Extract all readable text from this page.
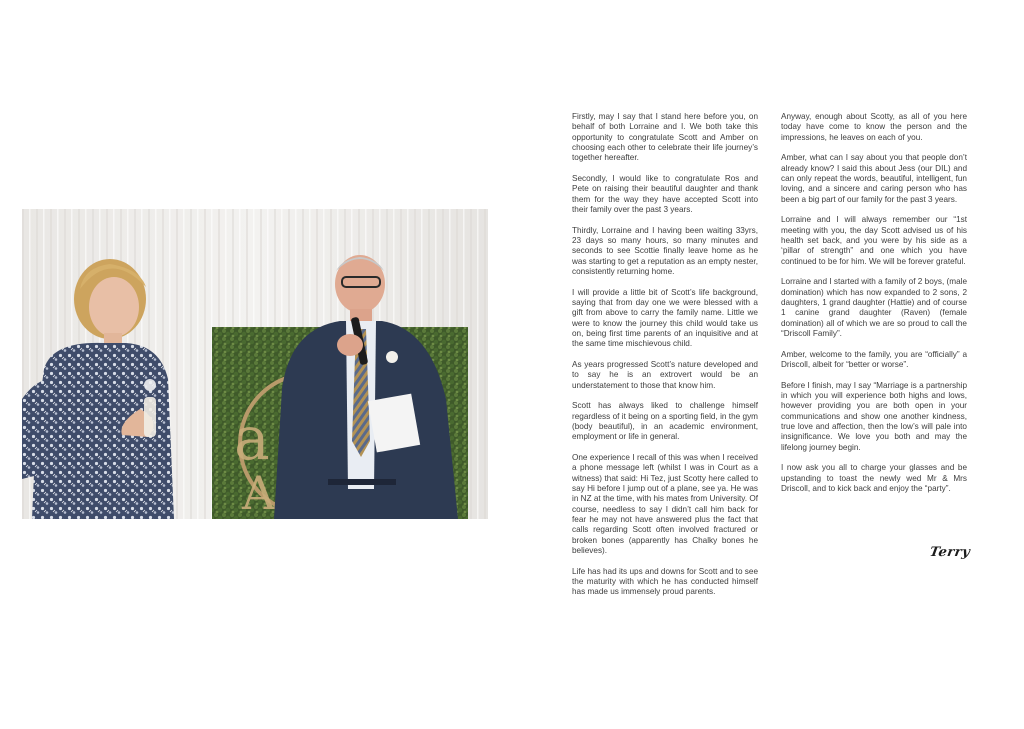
a
A

Firstly, may I say that I stand here before you, on behalf of both Lorraine and I. We both take this opportunity to congratulate Scott and Amber on choosing each other to celebrate their life journey’s together hereafter.

Secondly, I would like to congratulate Ros and Pete on raising their beautiful daughter and thank them for the way they have accepted Scott into their family over the past 3 years.

Thirdly, Lorraine and I having been waiting 33yrs, 23 days so many hours, so many minutes and seconds to see Scottie finally leave home as he was starting to get a reputation as an empty nester, consistently returning home.

I will provide a little bit of Scott’s life background, saying that from day one we were blessed with a gift from above to carry the family name. Little we were to know the journey this child would take us on, being first time parents of an inquisitive and at the same time mischievous child.

As years progressed Scott’s nature developed and to say he is an extrovert would be an understatement to those that know him.

Scott has always liked to challenge himself regardless of it being on a sporting field, in the gym (body beautiful), in an academic environment, employment or life in general.

One experience I recall of this was when I received a phone message left (whilst I was in Court as a witness) that said: Hi Tez, just Scotty here called to say Hi before I jump out of a plane, see ya. He was in NZ at the time, with his mates from University. Of course, needless to say I didn’t call him back for fear he may not have answered plus the fact that calls regarding Scott often involved fractured or broken bones (apparently has Chalky bones he believes).

Life has had its ups and downs for Scott and to see the maturity with which he has conducted himself has made us immensely proud parents.

Anyway, enough about Scotty, as all of you here today have come to know the person and the impressions, he leaves on each of you.

Amber, what can I say about you that people don’t already know? I said this about Jess (our DIL) and can only repeat the words, beautiful, intelligent, fun loving, and a sincere and caring person who has been a big part of our family for the past 3 years.

Lorraine and I will always remember our “1st meeting with you, the day Scott advised us of his health set back, and you were by his side as a ‘pillar of strength” and one which you have continued to be for him. We will be forever grateful.

Lorraine and I started with a family of 2 boys, (male domination) which has now expanded to 2 sons, 2 daughters, 1 grand daughter (Hattie) and of course 1 canine grand daughter (Raven) (female domination) all of which we are so proud to call the “Driscoll Family”.

Amber, welcome to the family, you are “officially” a Driscoll, albeit for “better or worse”.

Before I finish, may I say “Marriage is a partnership in which you will experience both highs and lows, however providing you are both open in your communications and show one another kindness, true love and affection, then the low’s will pale into insignificance. We love you both and may the lifelong journey begin.

I now ask you all to charge your glasses and be upstanding to toast the newly wed Mr & Mrs Driscoll, and to kick back and enjoy the “party”.

Terry
